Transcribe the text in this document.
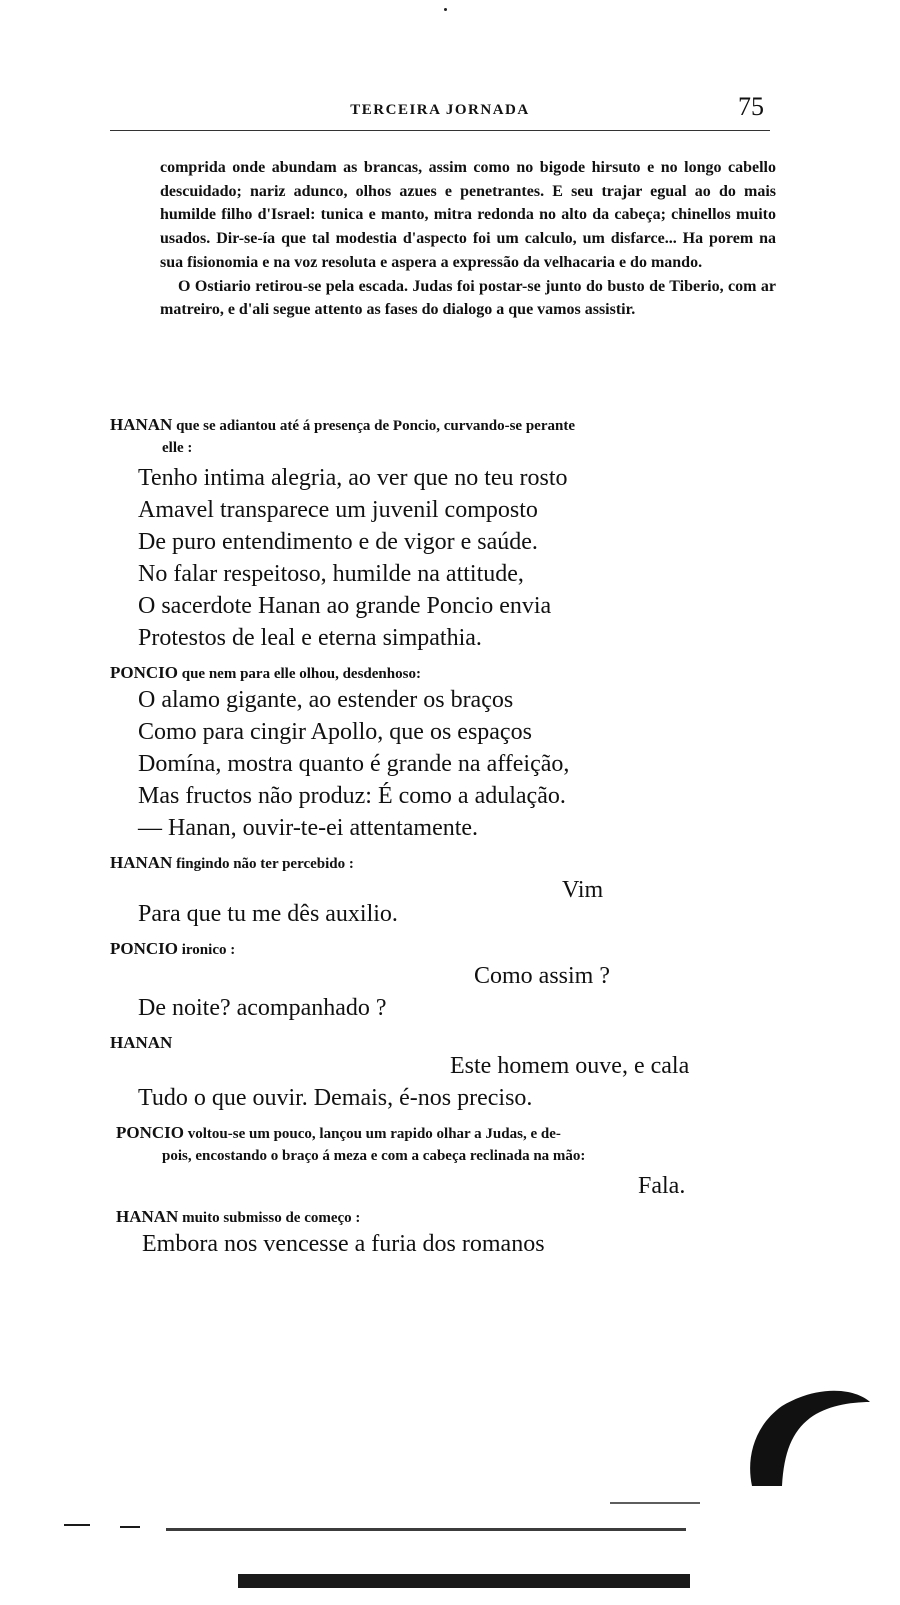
TERCEIRA JORNADA	75

comprida onde abundam as brancas, assim como no bigode hirsuto e no longo cabello descuidado; nariz adunco, olhos azues e penetrantes. E seu trajar egual ao do mais humilde filho d'Israel: tunica e manto, mitra redonda no alto da cabeça; chinellos muito usados. Dir-se-ía que tal modestia d'aspecto foi um calculo, um disfarce... Ha porem na sua fisionomia e na voz resoluta e aspera a expressão da velhacaria e do mando.

O Ostiario retirou-se pela escada. Judas foi postar-se junto do busto de Tiberio, com ar matreiro, e d'ali segue attento as fases do dialogo a que vamos assistir.

HANAN que se adiantou até á presença de Poncio, curvando-se perante
elle :
Tenho intima alegria, ao ver que no teu rosto
Amavel transparece um juvenil composto
De puro entendimento e de vigor e saúde.
No falar respeitoso, humilde na attitude,
O sacerdote Hanan ao grande Poncio envia
Protestos de leal e eterna simpathia.
PONCIO que nem para elle olhou, desdenhoso:
O alamo gigante, ao estender os braços
Como para cingir Apollo, que os espaços
Domína, mostra quanto é grande na affeição,
Mas fructos não produz: É como a adulação.
— Hanan, ouvir-te-ei attentamente.
HANAN fingindo não ter percebido :
Vim
Para que tu me dês auxilio.
PONCIO ironico :
Como assim ?
De noite? acompanhado ?
HANAN
Este homem ouve, e cala
Tudo o que ouvir. Demais, é-nos preciso.
PONCIO voltou-se um pouco, lançou um rapido olhar a Judas, e de-
pois, encostando o braço á meza e com a cabeça reclinada na mão:
Fala.
HANAN muito submisso de começo :
Embora nos vencesse a furia dos romanos
